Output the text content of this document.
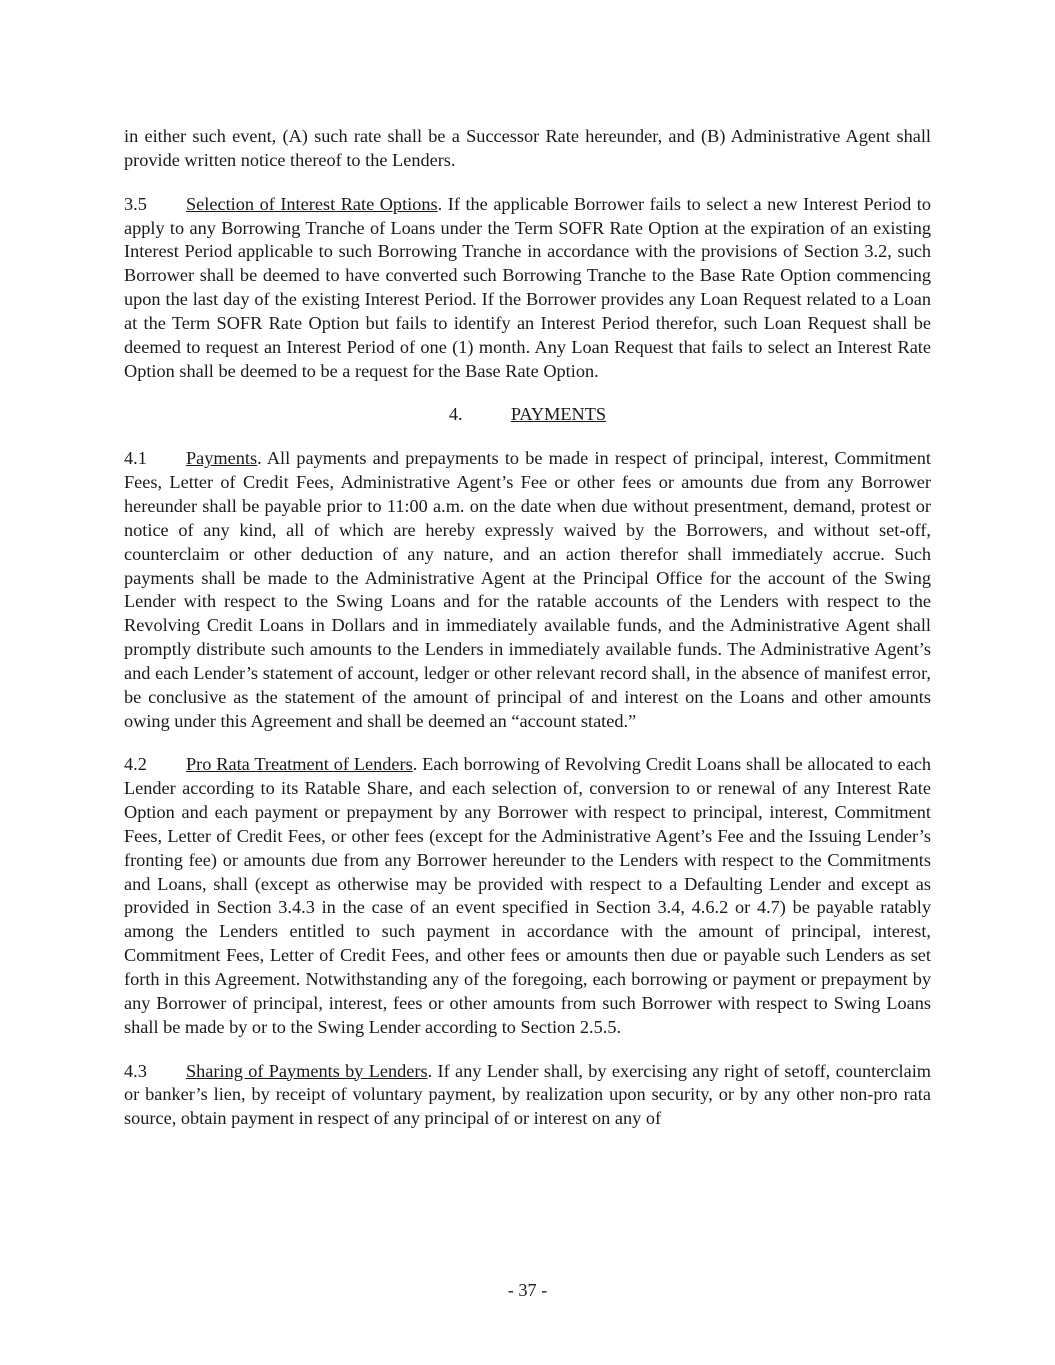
in either such event, (A) such rate shall be a Successor Rate hereunder, and (B) Administrative Agent shall provide written notice thereof to the Lenders.

3.5 Selection of Interest Rate Options. If the applicable Borrower fails to select a new Interest Period to apply to any Borrowing Tranche of Loans under the Term SOFR Rate Option at the expiration of an existing Interest Period applicable to such Borrowing Tranche in accordance with the provisions of Section 3.2, such Borrower shall be deemed to have converted such Borrowing Tranche to the Base Rate Option commencing upon the last day of the existing Interest Period. If the Borrower provides any Loan Request related to a Loan at the Term SOFR Rate Option but fails to identify an Interest Period therefor, such Loan Request shall be deemed to request an Interest Period of one (1) month. Any Loan Request that fails to select an Interest Rate Option shall be deemed to be a request for the Base Rate Option.

4.	PAYMENTS

4.1 Payments. All payments and prepayments to be made in respect of principal, interest, Commitment Fees, Letter of Credit Fees, Administrative Agent’s Fee or other fees or amounts due from any Borrower hereunder shall be payable prior to 11:00 a.m. on the date when due without presentment, demand, protest or notice of any kind, all of which are hereby expressly waived by the Borrowers, and without set-off, counterclaim or other deduction of any nature, and an action therefor shall immediately accrue. Such payments shall be made to the Administrative Agent at the Principal Office for the account of the Swing Lender with respect to the Swing Loans and for the ratable accounts of the Lenders with respect to the Revolving Credit Loans in Dollars and in immediately available funds, and the Administrative Agent shall promptly distribute such amounts to the Lenders in immediately available funds. The Administrative Agent’s and each Lender’s statement of account, ledger or other relevant record shall, in the absence of manifest error, be conclusive as the statement of the amount of principal of and interest on the Loans and other amounts owing under this Agreement and shall be deemed an “account stated.”

4.2 Pro Rata Treatment of Lenders. Each borrowing of Revolving Credit Loans shall be allocated to each Lender according to its Ratable Share, and each selection of, conversion to or renewal of any Interest Rate Option and each payment or prepayment by any Borrower with respect to principal, interest, Commitment Fees, Letter of Credit Fees, or other fees (except for the Administrative Agent’s Fee and the Issuing Lender’s fronting fee) or amounts due from any Borrower hereunder to the Lenders with respect to the Commitments and Loans, shall (except as otherwise may be provided with respect to a Defaulting Lender and except as provided in Section 3.4.3 in the case of an event specified in Section 3.4, 4.6.2 or 4.7) be payable ratably among the Lenders entitled to such payment in accordance with the amount of principal, interest, Commitment Fees, Letter of Credit Fees, and other fees or amounts then due or payable such Lenders as set forth in this Agreement. Notwithstanding any of the foregoing, each borrowing or payment or prepayment by any Borrower of principal, interest, fees or other amounts from such Borrower with respect to Swing Loans shall be made by or to the Swing Lender according to Section 2.5.5.

4.3 Sharing of Payments by Lenders. If any Lender shall, by exercising any right of setoff, counterclaim or banker’s lien, by receipt of voluntary payment, by realization upon security, or by any other non-pro rata source, obtain payment in respect of any principal of or interest on any of

- 37 -
